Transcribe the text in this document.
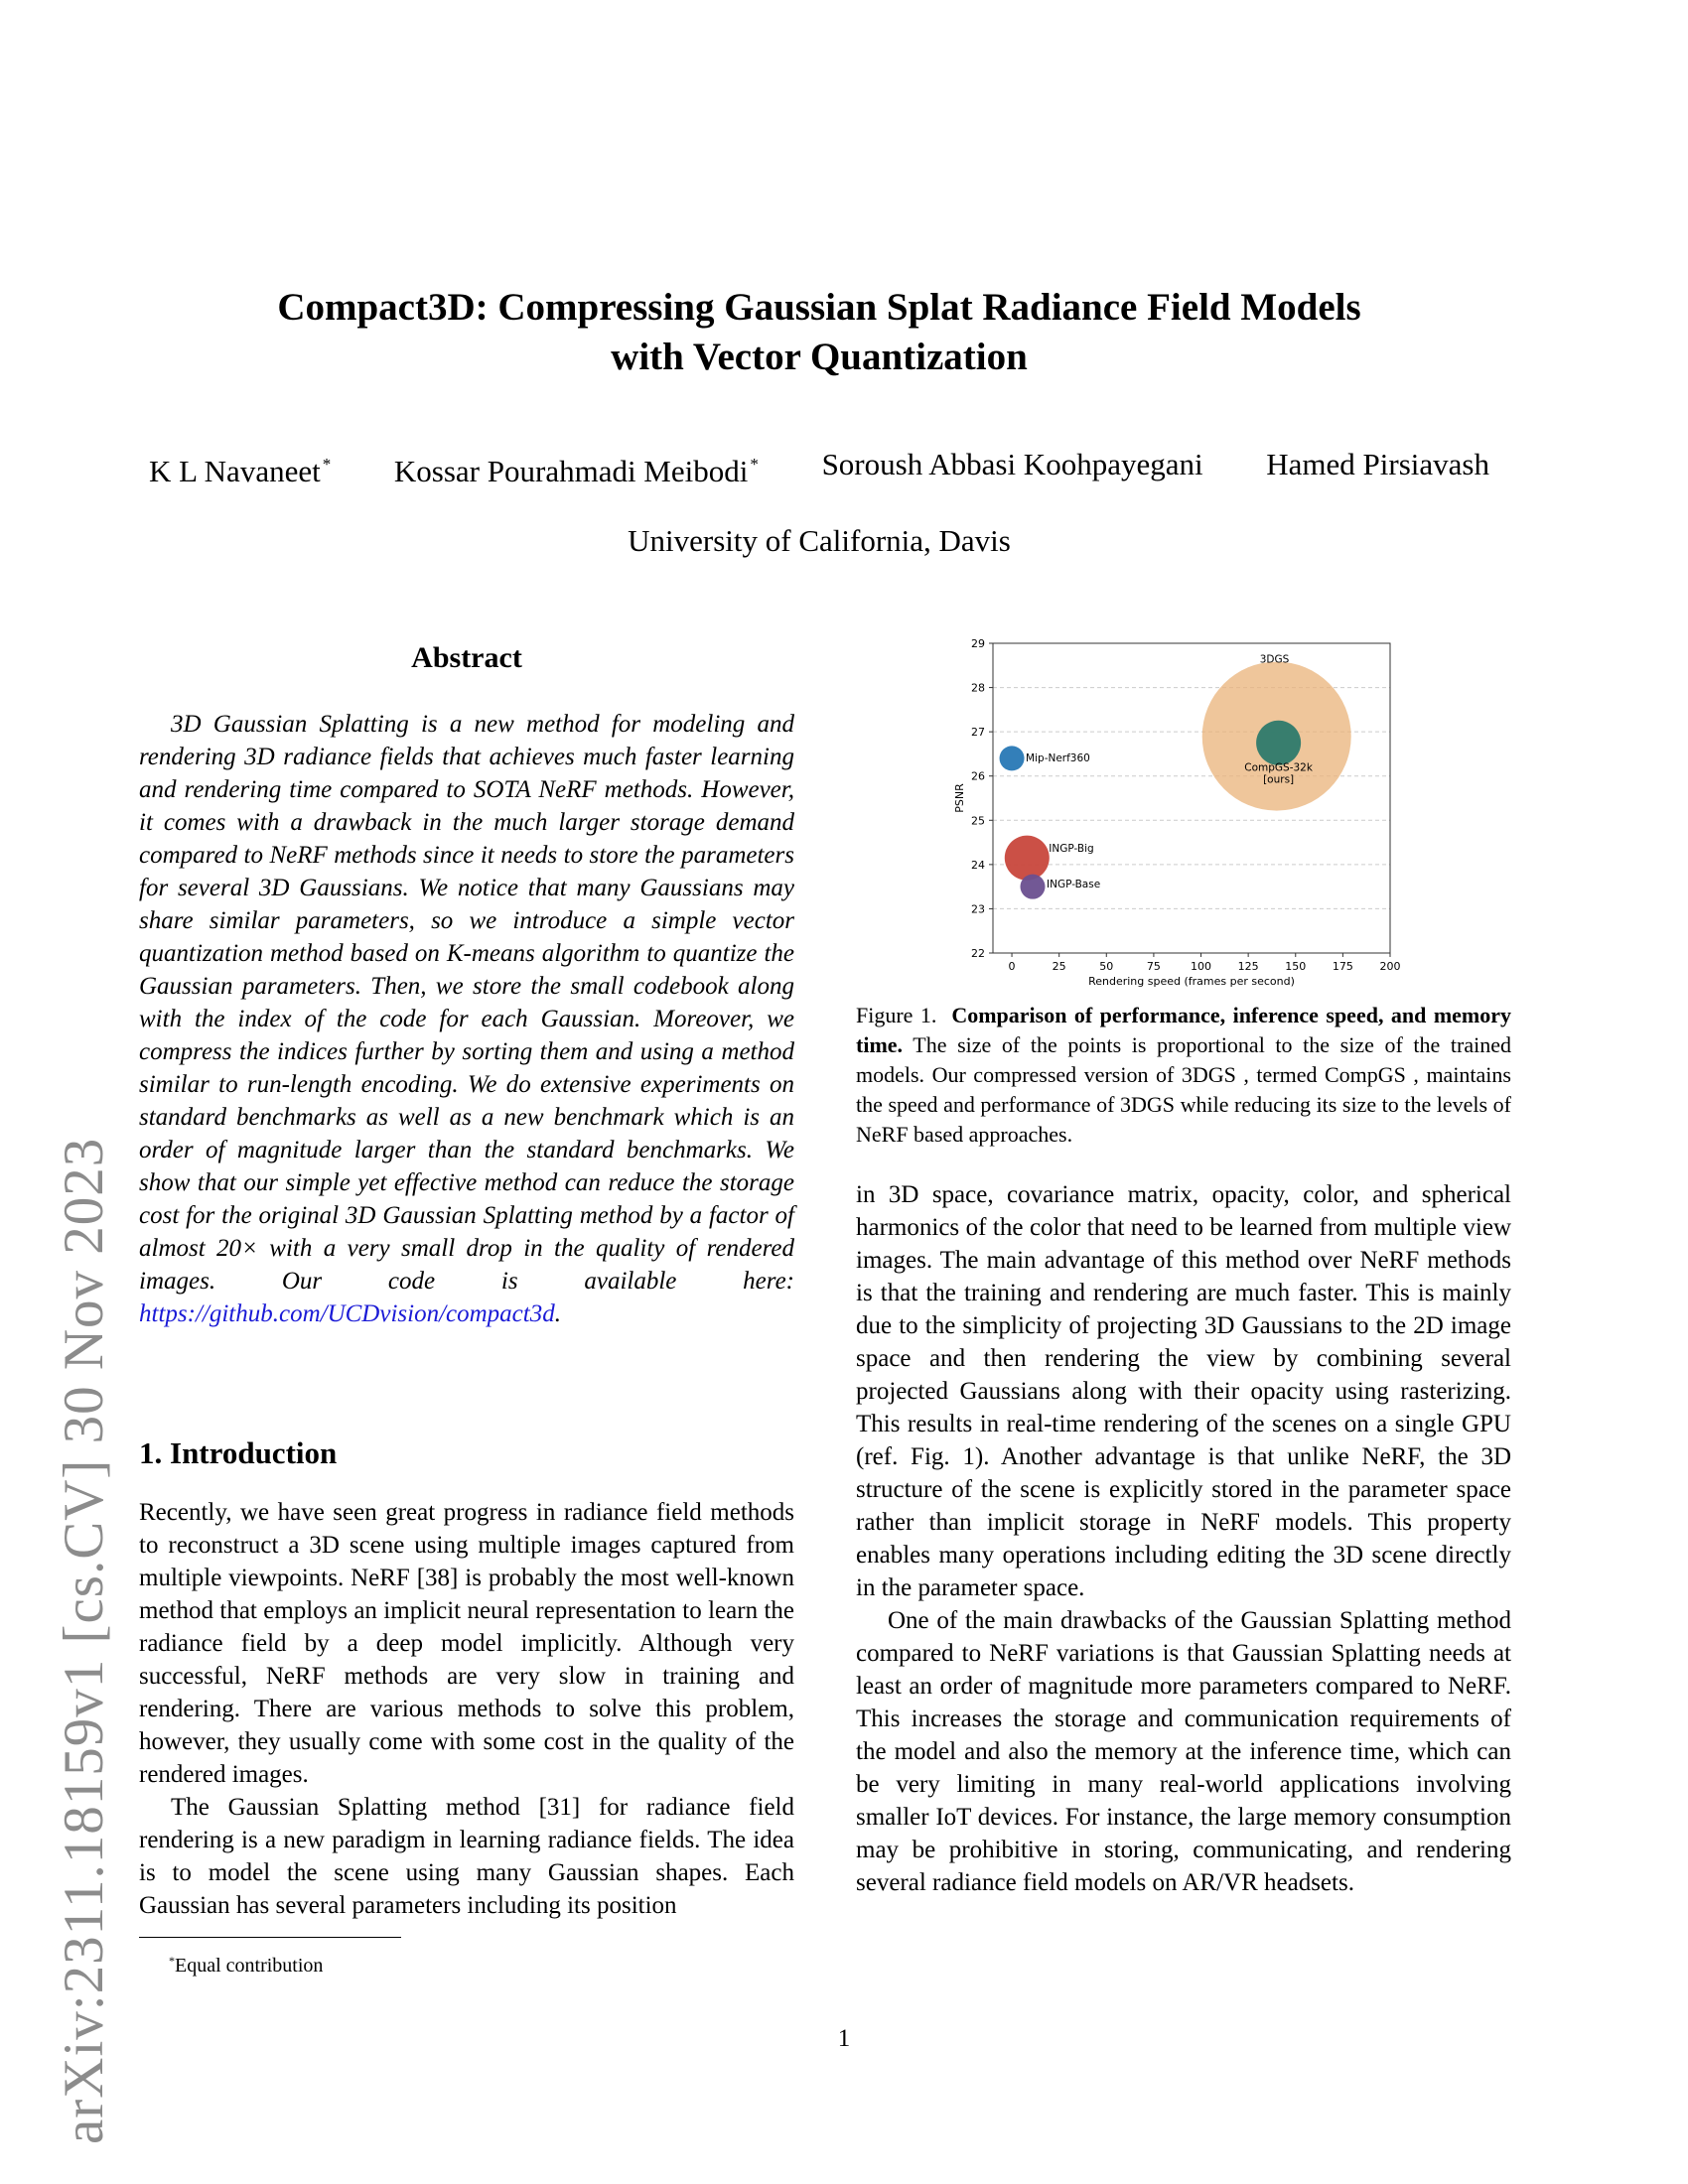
arXiv:2311.18159v1 [cs.CV] 30 Nov 2023
Compact3D: Compressing Gaussian Splat Radiance Field Models
with Vector Quantization
K L Navaneet * Kossar Pourahmadi Meibodi * Soroush Abbasi Koohpayegani Hamed Pirsiavash
University of California, Davis
Abstract
3D Gaussian Splatting is a new method for modeling and rendering 3D radiance fields that achieves much faster learning and rendering time compared to SOTA NeRF methods. However, it comes with a drawback in the much larger storage demand compared to NeRF methods since it needs to store the parameters for several 3D Gaussians. We notice that many Gaussians may share similar parameters, so we introduce a simple vector quantization method based on K-means algorithm to quantize the Gaussian parameters. Then, we store the small codebook along with the index of the code for each Gaussian. Moreover, we compress the indices further by sorting them and using a method similar to run-length encoding. We do extensive experiments on standard benchmarks as well as a new benchmark which is an order of magnitude larger than the standard benchmarks. We show that our simple yet effective method can reduce the storage cost for the original 3D Gaussian Splatting method by a factor of almost 20× with a very small drop in the quality of rendered images. Our code is available here: https://github.com/UCDvision/compact3d.
1. Introduction

Recently, we have seen great progress in radiance field methods to reconstruct a 3D scene using multiple images captured from multiple viewpoints. NeRF [38] is probably the most well-known method that employs an implicit neural representation to learn the radiance field by a deep model implicitly. Although very successful, NeRF methods are very slow in training and rendering. There are various methods to solve this problem, however, they usually come with some cost in the quality of the rendered images.

The Gaussian Splatting method [31] for radiance field rendering is a new paradigm in learning radiance fields. The idea is to model the scene using many Gaussian shapes. Each Gaussian has several parameters including its position

*Equal contribution
22
23
24
25
26
27
28
29
0	25	50	75	100 125 150 175 200
Mip-Nerf360
INGP-Big
INGP-Base
3DGS
CompGS-32k
[ours]
Rendering speed (frames per second)
PSNR
Figure 1. Comparison of performance, inference speed, and memory time. The size of the points is proportional to the size of the trained models. Our compressed version of 3DGS , termed CompGS , maintains the speed and performance of 3DGS while reducing its size to the levels of NeRF based approaches.

in 3D space, covariance matrix, opacity, color, and spherical harmonics of the color that need to be learned from multiple view images. The main advantage of this method over NeRF methods is that the training and rendering are much faster. This is mainly due to the simplicity of projecting 3D Gaussians to the 2D image space and then rendering the view by combining several projected Gaussians along with their opacity using rasterizing. This results in real-time rendering of the scenes on a single GPU (ref. Fig. 1). Another advantage is that unlike NeRF, the 3D structure of the scene is explicitly stored in the parameter space rather than implicit storage in NeRF models. This property enables many operations including editing the 3D scene directly in the parameter space.

One of the main drawbacks of the Gaussian Splatting method compared to NeRF variations is that Gaussian Splatting needs at least an order of magnitude more parameters compared to NeRF. This increases the storage and communication requirements of the model and also the memory at the inference time, which can be very limiting in many real-world applications involving smaller IoT devices. For instance, the large memory consumption may be prohibitive in storing, communicating, and rendering several radiance field models on AR/VR headsets.

1
